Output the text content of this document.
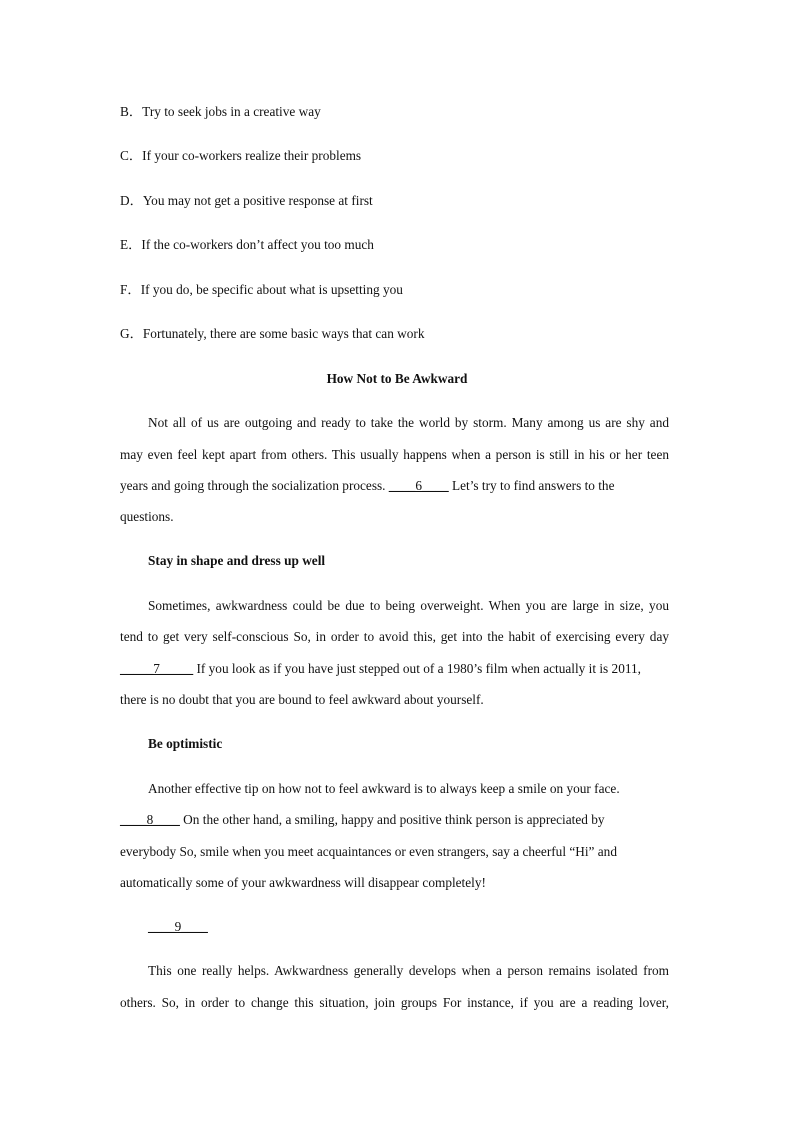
B．Try to seek jobs in a creative way
C．If your co-workers realize their problems
D．You may not get a positive response at first
E．If the co-workers don’t affect you too much
F．If you do, be specific about what is upsetting you
G．Fortunately, there are some basic ways that can work
How Not to Be Awkward
Not all of us are outgoing and ready to take the world by storm. Many among us are shy and
may even feel kept apart from others. This usually happens when a person is still in his or her teen
years and going through the socialization process. ____6____ Let’s try to find answers to the
questions.
Stay in shape and dress up well
Sometimes, awkwardness could be due to being overweight. When you are large in size, you
tend to get very self-conscious So, in order to avoid this, get into the habit of exercising every day
_____7_____ If you look as if you have just stepped out of a 1980’s film when actually it is 2011,
there is no doubt that you are bound to feel awkward about yourself.
Be optimistic
Another effective tip on how not to feel awkward is to always keep a smile on your face.
____8____ On the other hand, a smiling, happy and positive think person is appreciated by
everybody So, smile when you meet acquaintances or even strangers, say a cheerful “Hi” and
automatically some of your awkwardness will disappear completely!
____9____
This one really helps. Awkwardness generally develops when a person remains isolated from
others. So, in order to change this situation, join groups For instance, if you are a reading lover,
